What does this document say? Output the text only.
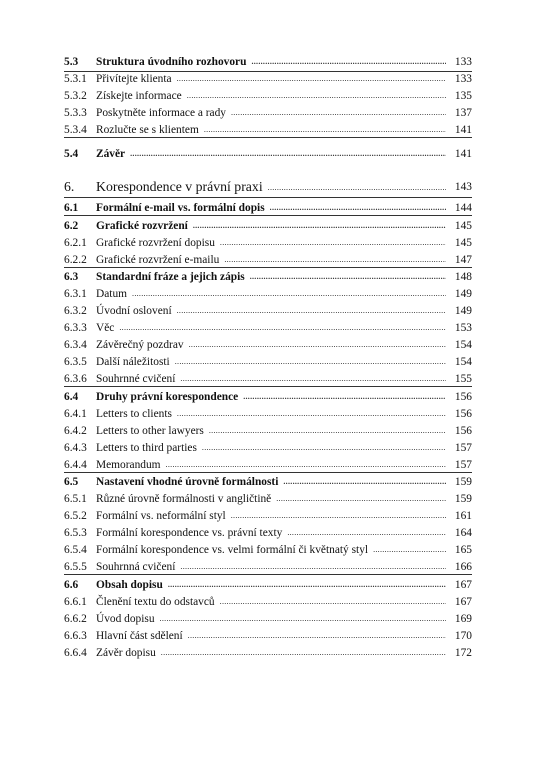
5.3	Struktura úvodního rozhovoru .....	133
5.3.1 Přivítejte klienta .....	133
5.3.2 Získejte informace .....	135
5.3.3 Poskytněte informace a rady .....	137
5.3.4 Rozlučte se s klientem .....	141
5.4	Závěr .....	141
6.	Korespondence v právní praxi .....	143
6.1	Formální e-mail vs. formální dopis .....	144
6.2	Grafické rozvržení .....	145
6.2.1 Grafické rozvržení dopisu .....	145
6.2.2 Grafické rozvržení e-mailu .....	147
6.3	Standardní fráze a jejich zápis .....	148
6.3.1 Datum .....	149
6.3.2 Úvodní oslovení .....	149
6.3.3 Věc .....	153
6.3.4 Závěrečný pozdrav .....	154
6.3.5 Další náležitosti .....	154
6.3.6 Souhrnné cvičení .....	155
6.4	Druhy právní korespondence .....	156
6.4.1 Letters to clients .....	156
6.4.2 Letters to other lawyers .....	156
6.4.3 Letters to third parties .....	157
6.4.4 Memorandum .....	157
6.5	Nastavení vhodné úrovně formálnosti .....	159
6.5.1 Různé úrovně formálnosti v angličtině .....	159
6.5.2 Formální vs. neformální styl .....	161
6.5.3 Formální korespondence vs. právní texty .....	164
6.5.4 Formální korespondence vs. velmi formální či květnatý styl .....	165
6.5.5 Souhrnná cvičení .....	166
6.6	Obsah dopisu .....	167
6.6.1 Členění textu do odstavců .....	167
6.6.2 Úvod dopisu .....	169
6.6.3 Hlavní část sdělení .....	170
6.6.4 Závěr dopisu .....	172
